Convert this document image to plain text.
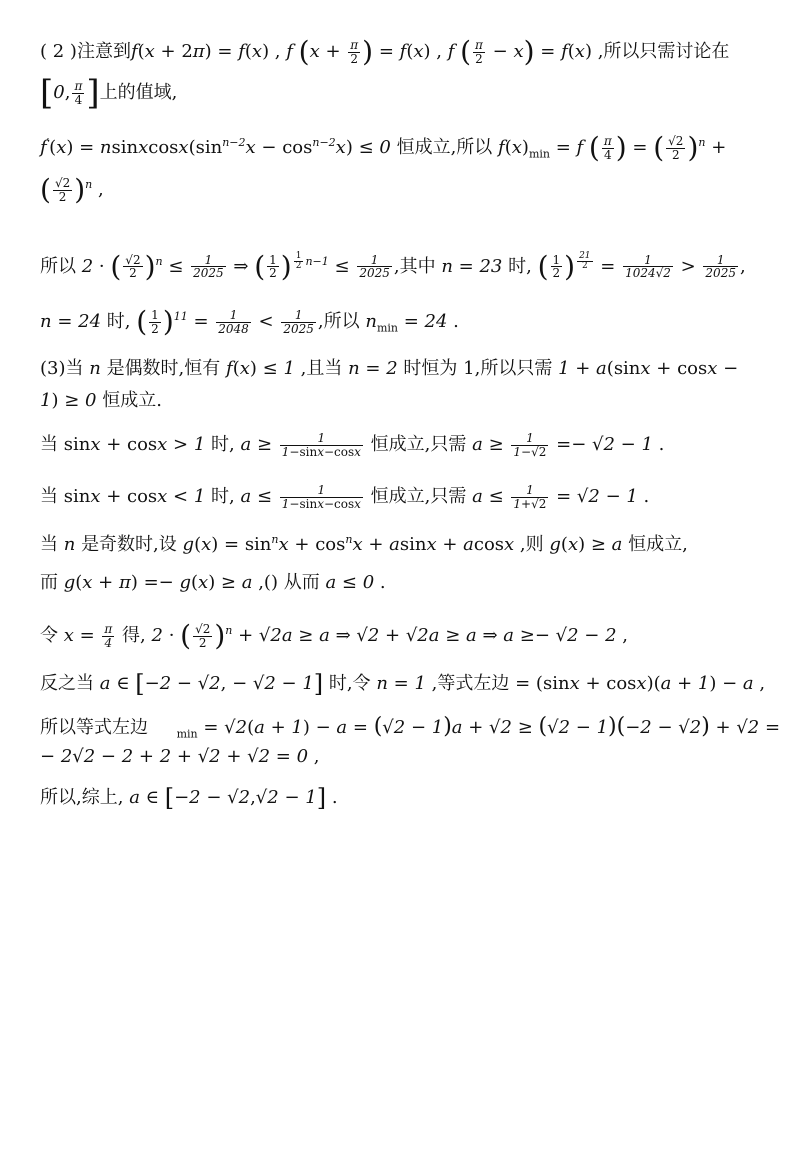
( 2 )注意到f(x + 2π) = f(x) , f ($x + \frac{\pi}{2}$ ) = f(x) , f ( $\frac{\pi}{2} - x) = f(x)$ ,所以只需讨论在
[0, $\frac{\pi}{4}$ ]上的值域,
$f'(x) = nsinxcosx(\sin^{n-2}x - \cos^{n-2}x) \le 0$ 恒成立,所以 $f(x)_{min} = f$ ( $\frac{\pi}{4}$ ) = ( $\frac{√2}{2} )^n$ +
( $\frac{√2}{2} )^n$ ,
所以 2 · ( $\frac{√2}{2} )^n \le \frac{1}{2025}$ ⇒ ( $\frac{1}{2}$ ) $^{\frac{1}{2} n-1} \le \frac{1}{2025}$ ,其中 n = 23 时, ( $\frac{1}{2}$ ) $^{\frac{21}{2}} = \frac{1}{1024√2} > \frac{1}{2025}$ ,
n = 24 时, ( $\frac{1}{2} )^{11} = \frac{1}{2048} < \frac{1}{2025}$ ,所以 $n_{min} = 24$ .
(3)当 n 是偶数时,恒有 f(x) ≤ 1 ,且当 n = 2 时恒为 1,所以只需 1 + a(sinx + cosx −
1) ≥ 0 恒成立.
当 sinx + cosx > 1 时, $a \ge \frac{1}{1-\sin x-\cos x}$ 恒成立,只需 $a \ge \frac{1}{1-√2} =- √2 - 1$ .
当 sinx + cosx < 1 时, $a \le \frac{1}{1-\sin x-\cos x}$ 恒成立,只需 $a \le \frac{1}{1+√2} = √2 - 1$ .
当 n 是奇数时,设 $g(x) = \sin^nx + \cos^nx + asinx + acosx$ ,则 g(x) ≥ a 恒成立,
而 g(x + π) =− g(x) ≥ a ,() 从而 a ≤ 0 .
令 $x = \frac{\pi}{4}$ 得, 2 · ( $\frac{√2}{2} )^n + √2a \ge a$ ⇒ √2 + √2a ≥ a ⇒ a ≥− √2 − 2 ,
反之当 a ∈ [−2 − √2, − √2 − 1] 时,令 n = 1 ,等式左边 = (sinx + cosx)(a + 1) − a ,
所以等式左边	$_{min}$ = √2(a + 1) − a = (√2 − 1)a + √2 ≥ (√2 − 1)(−2 − √2) + √2 =
− 2√2 − 2 + 2 + √2 + √2 = 0 ,
所以,综上, a ∈ [−2 − √2,√2 − 1] .
